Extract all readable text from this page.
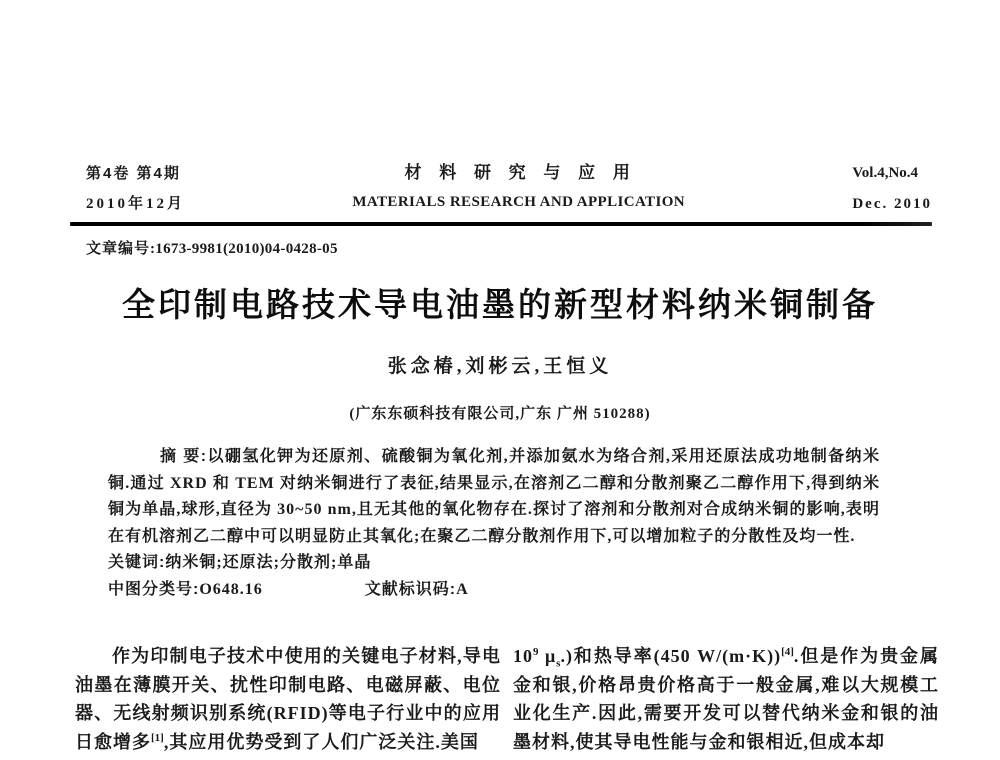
第4卷 第4期
2010年12月
材 料 研 究 与 应 用
MATERIALS RESEARCH AND APPLICATION
Vol.4,No.4
Dec. 2010
文章编号:1673-9981(2010)04-0428-05
全印制电路技术导电油墨的新型材料纳米铜制备
张念椿,刘彬云,王恒义
(广东东硕科技有限公司,广东 广州 510288)

摘 要:以硼氢化钾为还原剂、硫酸铜为氧化剂,并添加氨水为络合剂,采用还原法成功地制备纳米铜.通过 XRD 和 TEM 对纳米铜进行了表征,结果显示,在溶剂乙二醇和分散剂聚乙二醇作用下,得到纳米铜为单晶,球形,直径为 30~50 nm,且无其他的氧化物存在.探讨了溶剂和分散剂对合成纳米铜的影响,表明在有机溶剂乙二醇中可以明显防止其氧化;在聚乙二醇分散剂作用下,可以增加粒子的分散性及均一性.

关键词:纳米铜;还原法;分散剂;单晶

中图分类号:O648.16	文献标识码:A

作为印制电子技术中使用的关键电子材料,导电油墨在薄膜开关、扰性印制电路、电磁屏蔽、电位器、无线射频识别系统(RFID)等电子行业中的应用日愈增多[1],其应用优势受到了人们广泛关注.美国

$10^9$ $\mu_s$.)和热导率(450 W/(m·K))[4].但是作为贵金属金和银,价格昂贵价格高于一般金属,难以大规模工业化生产.因此,需要开发可以替代纳米金和银的油墨材料,使其导电性能与金和银相近,但成本却
